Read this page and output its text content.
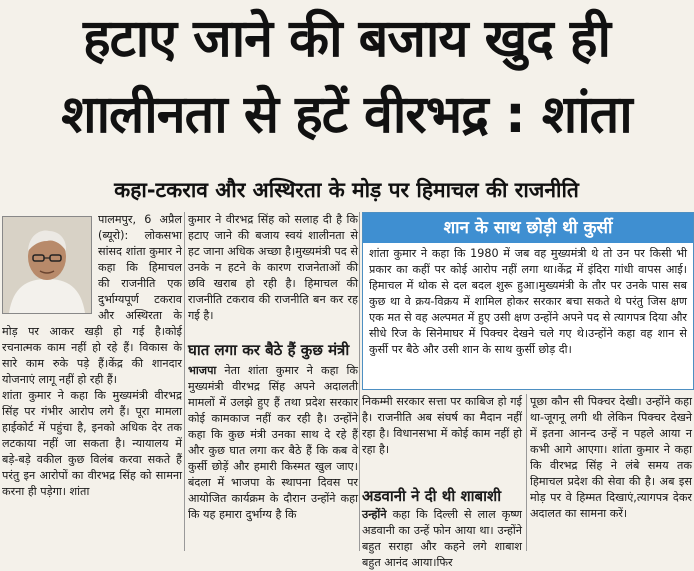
हटाए जाने की बजाय खुद ही
शालीनता से हटें वीरभद्र : शांता
कहा-टकराव और अस्थिरता के मोड़ पर हिमाचल की राजनीति
पालमपुर, 6 अप्रैल (ब्यूरो): लोकसभा सांसद शांता कुमार ने कहा कि हिमाचल की राजनीति एक दुर्भाग्यपूर्ण टकराव और अस्थिरता के मोड़ पर आकर खड़ी हो गई है।कोई रचनात्मक काम नहीं हो रहे हैं। विकास के सारे काम रुके पड़े हैं।केंद्र की शानदार योजनाएं लागू नहीं हो रही हैं।
शांता कुमार ने कहा कि मुख्यमंत्री वीरभद्र सिंह पर गंभीर आरोप लगे हैं। पूरा मामला हाईकोर्ट में पहुंचा है, इनको अधिक देर तक लटकाया नहीं जा सकता है। न्यायालय में बड़े-बड़े वकील कुछ विलंब करवा सकते हैं परंतु इन आरोपों का वीरभद्र सिंह को सामना करना ही पड़ेगा। शांता
कुमार ने वीरभद्र सिंह को सलाह दी है कि हटाए जाने की बजाय स्वयं शालीनता से हट जाना अधिक अच्छा है।मुख्यमंत्री पद से उनके न हटने के कारण राजनेताओं की छवि खराब हो रही है। हिमाचल की राजनीति टकराव की राजनीति बन कर रह गई है।
घात लगा कर बैठे हैं कुछ मंत्री
भाजपा नेता शांता कुमार ने कहा कि मुख्यमंत्री वीरभद्र सिंह अपने अदालती मामलों में उलझे हुए हैं तथा प्रदेश सरकार कोई कामकाज नहीं कर रही है। उन्होंने कहा कि कुछ मंत्री उनका साथ दे रहे हैं और कुछ घात लगा कर बैठे हैं कि कब वे कुर्सी छोड़ें और हमारी किस्मत खुल जाए। बंदला में भाजपा के स्थापना दिवस पर आयोजित कार्यक्रम के दौरान उन्होंने कहा कि यह हमारा दुर्भाग्य है कि
शान के साथ छोड़ी थी कुर्सी
शांता कुमार ने कहा कि 1980 में जब वह मुख्यमंत्री थे तो उन पर किसी भी प्रकार का कहीं पर कोई आरोप नहीं लगा था।केंद्र में इंदिरा गांधी वापस आई। हिमाचल में थोक से दल बदल शुरू हुआ।मुख्यमंत्री के तौर पर उनके पास सब कुछ था वे क्रय-विक्रय में शामिल होकर सरकार बचा सकते थे परंतु जिस क्षण एक मत से वह अल्पमत में हुए उसी क्षण उन्होंने अपने पद से त्यागपत्र दिया और सीधे रिज के सिनेमाघर में पिक्चर देखने चले गए थे।उन्होंने कहा वह शान से कुर्सी पर बैठे और उसी शान के साथ कुर्सी छोड़ दी।
निकम्मी सरकार सत्ता पर काबिज हो गई है। राजनीति अब संघर्ष का मैदान नहीं रहा है। विधानसभा में कोई काम नहीं हो रहा है।
अडवानी ने दी थी शाबाशी
उन्होंने कहा कि दिल्ली से लाल कृष्ण अडवानी का उन्हें फोन आया था। उन्होंने बहुत सराहा और कहने लगे शाबाश बहुत आनंद आया।फिर
पूछा कौन सी पिक्चर देखी। उन्होंने कहा था-जूगनू लगी थी लेकिन पिक्चर देखने में इतना आनन्द उन्हें न पहले आया न कभी आगे आएगा। शांता कुमार ने कहा कि वीरभद्र सिंह ने लंबे समय तक हिमाचल प्रदेश की सेवा की है। अब इस मोड़ पर वे हिम्मत दिखाएं,त्यागपत्र देकर अदालत का सामना करें।
